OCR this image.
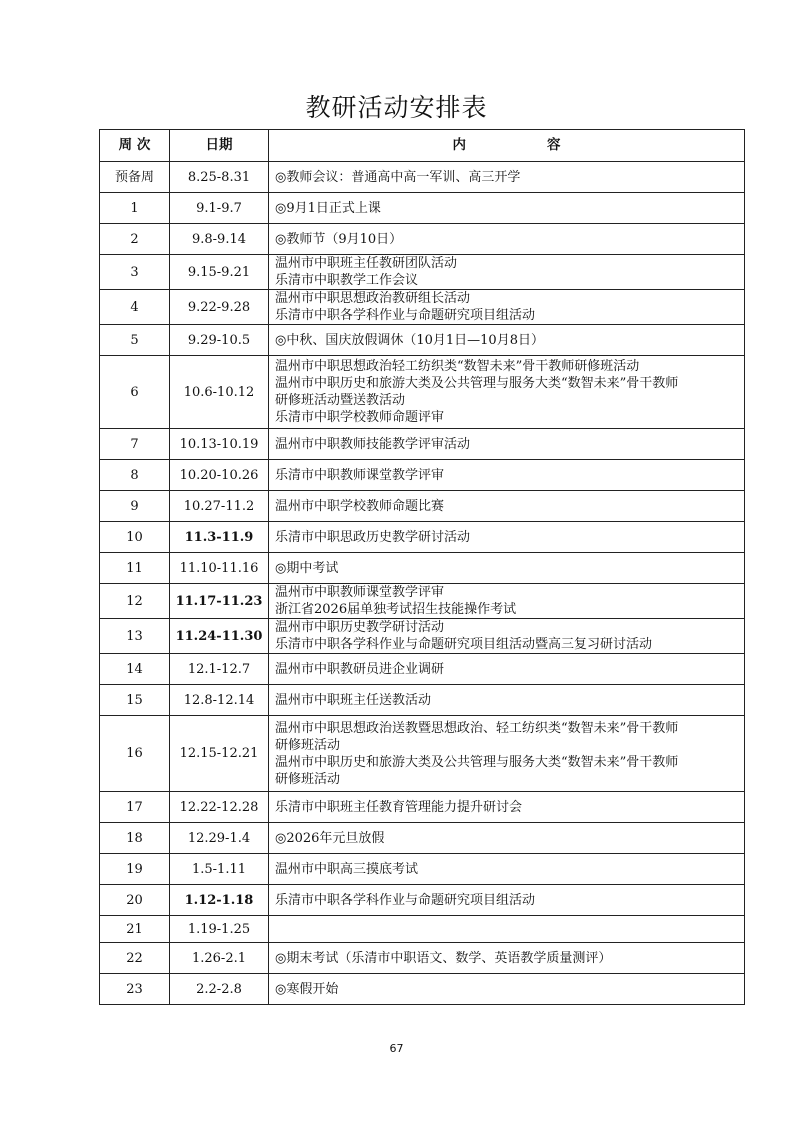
教研活动安排表
周 次	日期	内　　　　　　容
预备周	8.25-8.31	◎教师会议：普通高中高一军训、高三开学

1	9.1-9.7	◎9月1日正式上课

2	9.8-9.14	◎教师节（9月10日）

3	9.15-9.21	温州市中职班主任教研团队活动
乐清市中职教学工作会议

4	9.22-9.28	温州市中职思想政治教研组长活动
乐清市中职各学科作业与命题研究项目组活动

5	9.29-10.5	◎中秋、国庆放假调休（10月1日—10月8日）

6	10.6-10.12	温州市中职思想政治轻工纺织类“数智未来”骨干教师研修班活动
温州市中职历史和旅游大类及公共管理与服务大类“数智未来”骨干教师
研修班活动暨送教活动
乐清市中职学校教师命题评审

7	10.13-10.19	温州市中职教师技能教学评审活动

8	10.20-10.26	乐清市中职教师课堂教学评审

9	10.27-11.2	温州市中职学校教师命题比赛

10	11.3-11.9	乐清市中职思政历史教学研讨活动

11	11.10-11.16	◎期中考试

12	11.17-11.23	温州市中职教师课堂教学评审
浙江省2026届单独考试招生技能操作考试

13	11.24-11.30	温州市中职历史教学研讨活动
乐清市中职各学科作业与命题研究项目组活动暨高三复习研讨活动

14	12.1-12.7	温州市中职教研员进企业调研

15	12.8-12.14	温州市中职班主任送教活动

16	12.15-12.21	温州市中职思想政治送教暨思想政治、轻工纺织类“数智未来”骨干教师
研修班活动
温州市中职历史和旅游大类及公共管理与服务大类“数智未来”骨干教师
研修班活动

17	12.22-12.28	乐清市中职班主任教育管理能力提升研讨会

18	12.29-1.4	◎2026年元旦放假

19	1.5-1.11	温州市中职高三摸底考试

20	1.12-1.18	乐清市中职各学科作业与命题研究项目组活动

21	1.19-1.25	
22	1.26-2.1	◎期末考试（乐清市中职语文、数学、英语教学质量测评）

23	2.2-2.8	◎寒假开始
67
